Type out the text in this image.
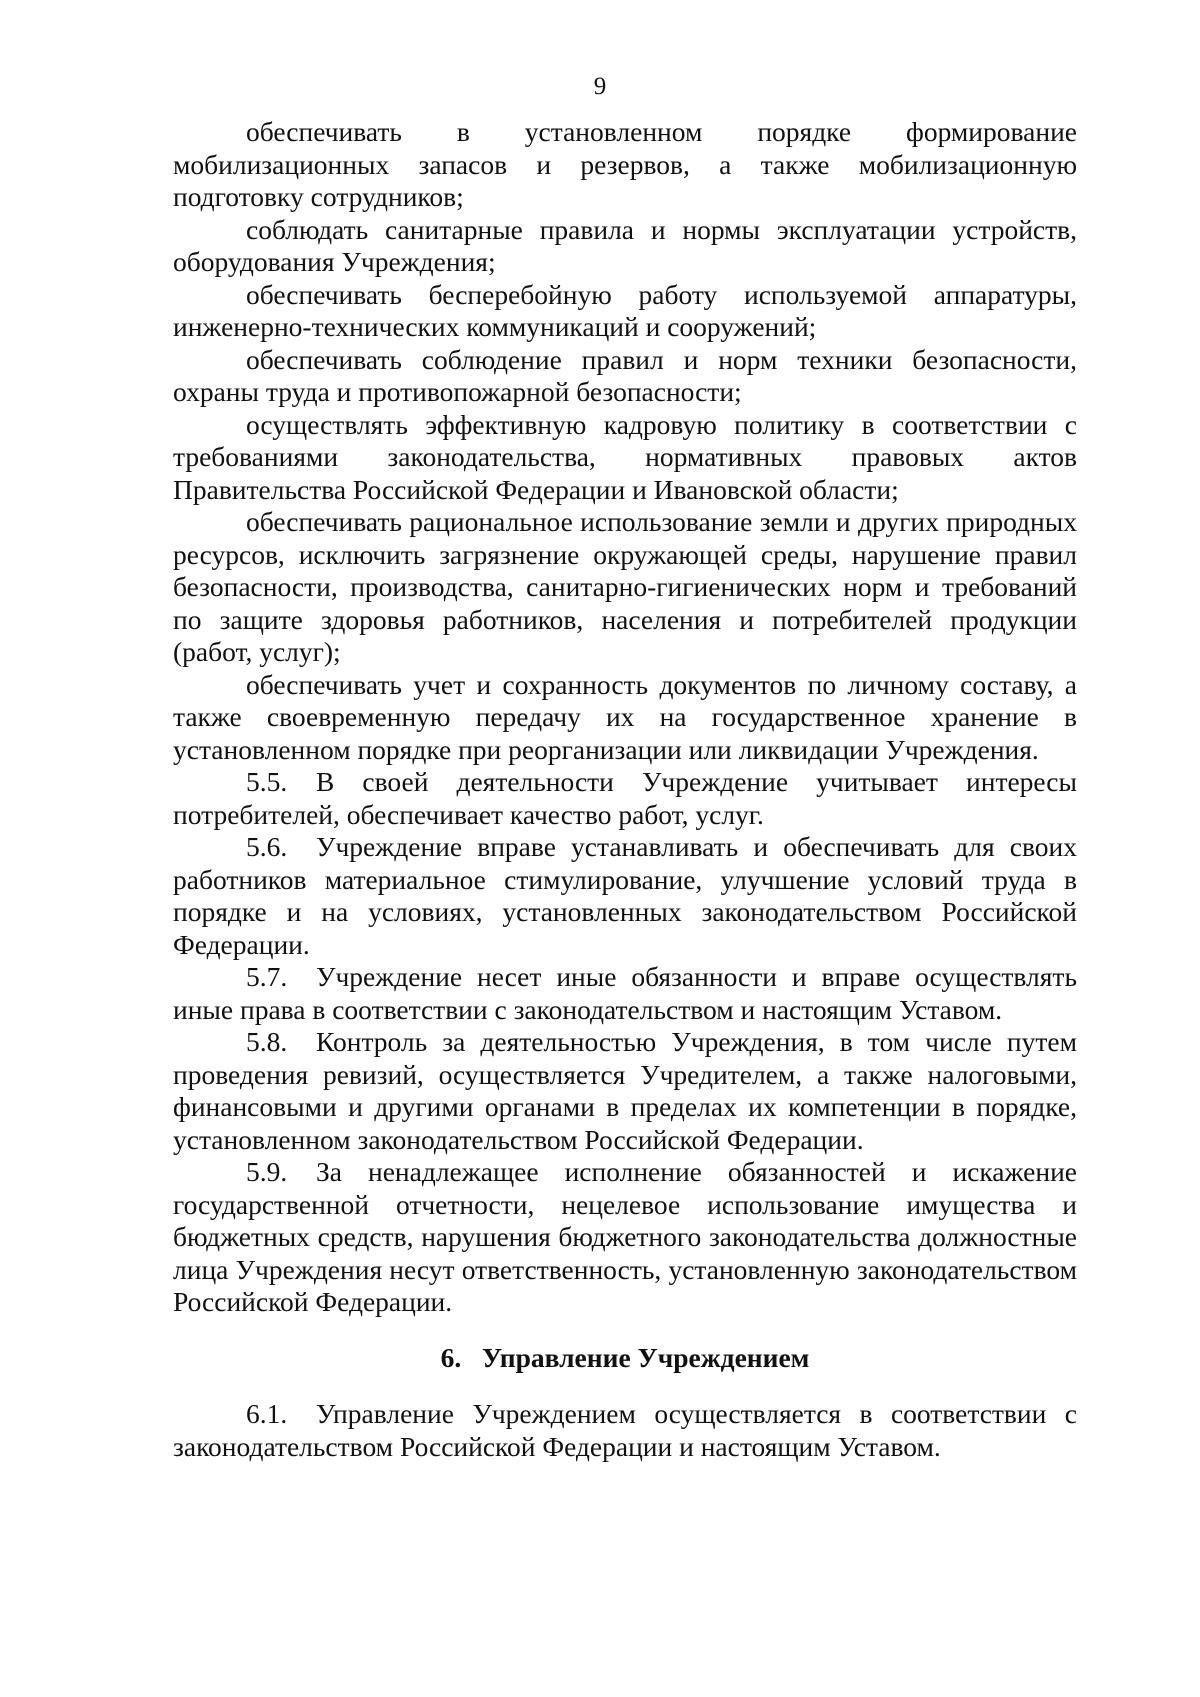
9

обеспечивать в установленном порядке формирование мобилизационных запасов и резервов, а также мобилизационную подготовку сотрудников;

соблюдать санитарные правила и нормы эксплуатации устройств, оборудования Учреждения;

обеспечивать бесперебойную работу используемой аппаратуры, инженерно-технических коммуникаций и сооружений;

обеспечивать соблюдение правил и норм техники безопасности, охраны труда и противопожарной безопасности;

осуществлять эффективную кадровую политику в соответствии с требованиями законодательства, нормативных правовых актов Правительства Российской Федерации и Ивановской области;

обеспечивать рациональное использование земли и других природных ресурсов, исключить загрязнение окружающей среды, нарушение правил безопасности, производства, санитарно-гигиенических норм и требований по защите здоровья работников, населения и потребителей продукции (работ, услуг);

обеспечивать учет и сохранность документов по личному составу, а также своевременную передачу их на государственное хранение в установленном порядке при реорганизации или ликвидации Учреждения.

5.5. В своей деятельности Учреждение учитывает интересы потребителей, обеспечивает качество работ, услуг.

5.6. Учреждение вправе устанавливать и обеспечивать для своих работников материальное стимулирование, улучшение условий труда в порядке и на условиях, установленных законодательством Российской Федерации.

5.7. Учреждение несет иные обязанности и вправе осуществлять иные права в соответствии с законодательством и настоящим Уставом.

5.8. Контроль за деятельностью Учреждения, в том числе путем проведения ревизий, осуществляется Учредителем, а также налоговыми, финансовыми и другими органами в пределах их компетенции в порядке, установленном законодательством Российской Федерации.

5.9. За ненадлежащее исполнение обязанностей и искажение государственной отчетности, нецелевое использование имущества и бюджетных средств, нарушения бюджетного законодательства должностные лица Учреждения несут ответственность, установленную законодательством Российской Федерации.

6.   Управление Учреждением

6.1. Управление Учреждением осуществляется в соответствии с законодательством Российской Федерации и настоящим Уставом.
